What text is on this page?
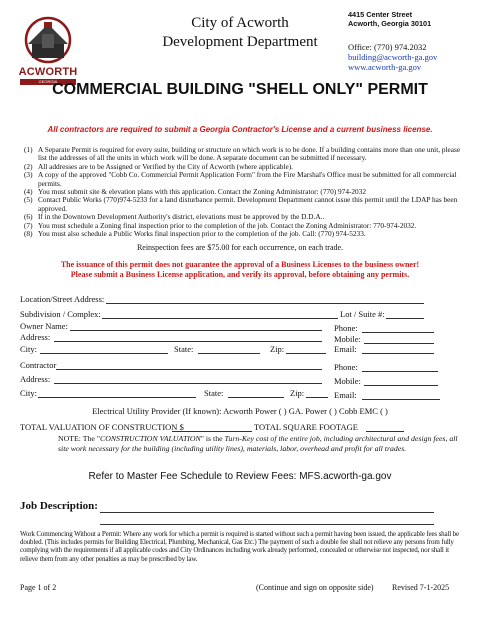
ACWORTH
GEORGIA
City of Acworth
Development Department
4415 Center Street
Acworth, Georgia 30101
Office: (770) 974.2032
building@acworth-ga.gov
www.acworth-ga.gov
COMMERCIAL BUILDING "SHELL ONLY" PERMIT
All contractors are required to submit a Georgia Contractor's License and a current business license.
(1) A Separate Permit is required for every suite, building or structure on which work is to be done. If a building contains more than one unit, please list the addresses of all the units in which work will be done. A separate document can be submitted if necessary.
(2) All addresses are to be Assigned or Verified by the City of Acworth (where applicable).
(3) A copy of the approved "Cobb Co. Commercial Permit Application Form" from the Fire Marshal's Office must be submitted for all commercial permits.
(4) You must submit site & elevation plans with this application. Contact the Zoning Administrator: (770) 974-2032
(5) Contact Public Works (770)974-5233 for a land disturbance permit. Development Department cannot issue this permit until the LDAP has been approved.
(6) If in the Downtown Development Authority's district, elevations must be approved by the D.D.A..
(7) You must schedule a Zoning final inspection prior to the completion of the job. Contact the Zoning Administrator: 770-974-2032.
(8) You must also schedule a Public Works final inspection prior to the completion of the job. Call: (770) 974-5233.
Reinspection fees are $75.00 for each occurrence, on each trade.
The issuance of this permit does not guarantee the approval of a Business Licenses to the business owner!
Please submit a Business License application, and verify its approval, before obtaining any permits.
Location/Street Address:
Subdivision / Complex:	Lot / Suite #:
Owner Name:	Phone:
Address:	Mobile:
City:	State:	Zip:	Email:
Contractor	Phone:
Address:	Mobile:
City:	State:	Zip:	Email:
Electrical Utility Provider (If known): Acworth Power ( ) GA. Power ( ) Cobb EMC ( )
TOTAL VALUATION OF CONSTRUCTION $	TOTAL SQUARE FOOTAGE
NOTE: The "CONSTRUCTION VALUATION" is the Turn-Key cost of the entire job, including architectural and design fees, all site work necessary for the building (including utility lines), materials, labor, overhead and profit for all trades.
Refer to Master Fee Schedule to Review Fees: MFS.acworth-ga.gov
Job Description:
Work Commencing Without a Permit: Where any work for which a permit is required is started without such a permit having been issued, the applicable fees shall be doubled. (This includes permits for Building Electrical, Plumbing, Mechanical, Gas Etc.) The payment of such a double fee shall not relieve any persons from fully complying with the requirements if all applicable codes and City Ordinances including work already performed, concealed or otherwise not inspected, nor shall it relieve them from any other penalties as may be prescribed by law.
Page 1 of 2	(Continue and sign on opposite side) Revised 7-1-2025
